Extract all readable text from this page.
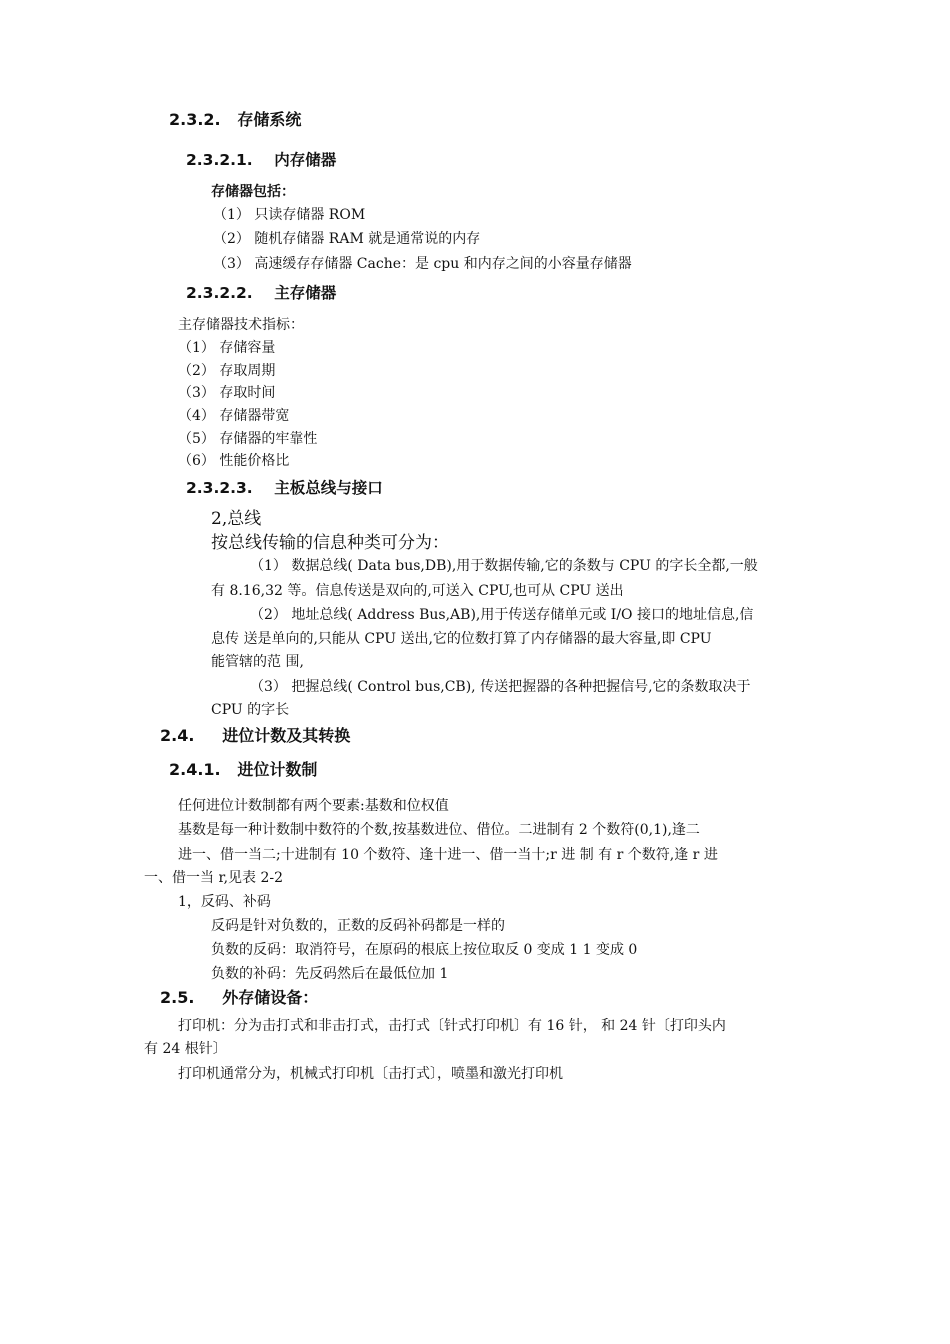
2.3.2. 存储系统
2.3.2.1. 内存储器
存储器包括：
（1） 只读存储器 ROM
（2） 随机存储器 RAM 就是通常说的内存
（3） 高速缓存存储器 Cache：是 cpu 和内存之间的小容量存储器
2.3.2.2. 主存储器
主存储器技术指标：
（1） 存储容量
（2） 存取周期
（3） 存取时间
（4） 存储器带宽
（5） 存储器的牢靠性
（6） 性能价格比
2.3.2.3. 主板总线与接口
2,总线
按总线传输的信息种类可分为：
（1） 数据总线( Data bus,DB),用于数据传输,它的条数与 CPU 的字长全都,一般
有 8.16,32 等。信息传送是双向的,可送入 CPU,也可从 CPU 送出
（2） 地址总线( Address Bus,AB),用于传送存储单元或 I/O 接口的地址信息,信
息传 送是单向的,只能从 CPU 送出,它的位数打算了内存储器的最大容量,即 CPU
能管辖的范 围,
（3） 把握总线( Control bus,CB), 传送把握器的各种把握信号,它的条数取决于
CPU 的字长
2.4. 进位计数及其转换
2.4.1. 进位计数制
任何进位计数制都有两个要素:基数和位权值
基数是每一种计数制中数符的个数,按基数进位、借位。二进制有 2 个数符(0,1),逢二
进一、借一当二;十进制有 10 个数符、逢十进一、借一当十;r 进 制 有 r 个数符,逢 r 进
一、借一当 r,见表 2-2
1，反码、补码
反码是针对负数的，正数的反码补码都是一样的
负数的反码：取消符号，在原码的根底上按位取反 0 变成 1 1 变成 0
负数的补码：先反码然后在最低位加 1
2.5. 外存储设备：
打印机：分为击打式和非击打式，击打式〔针式打印机〕有 16 针， 和 24 针〔打印头内
有 24 根针〕
打印机通常分为，机械式打印机〔击打式〕，喷墨和激光打印机
